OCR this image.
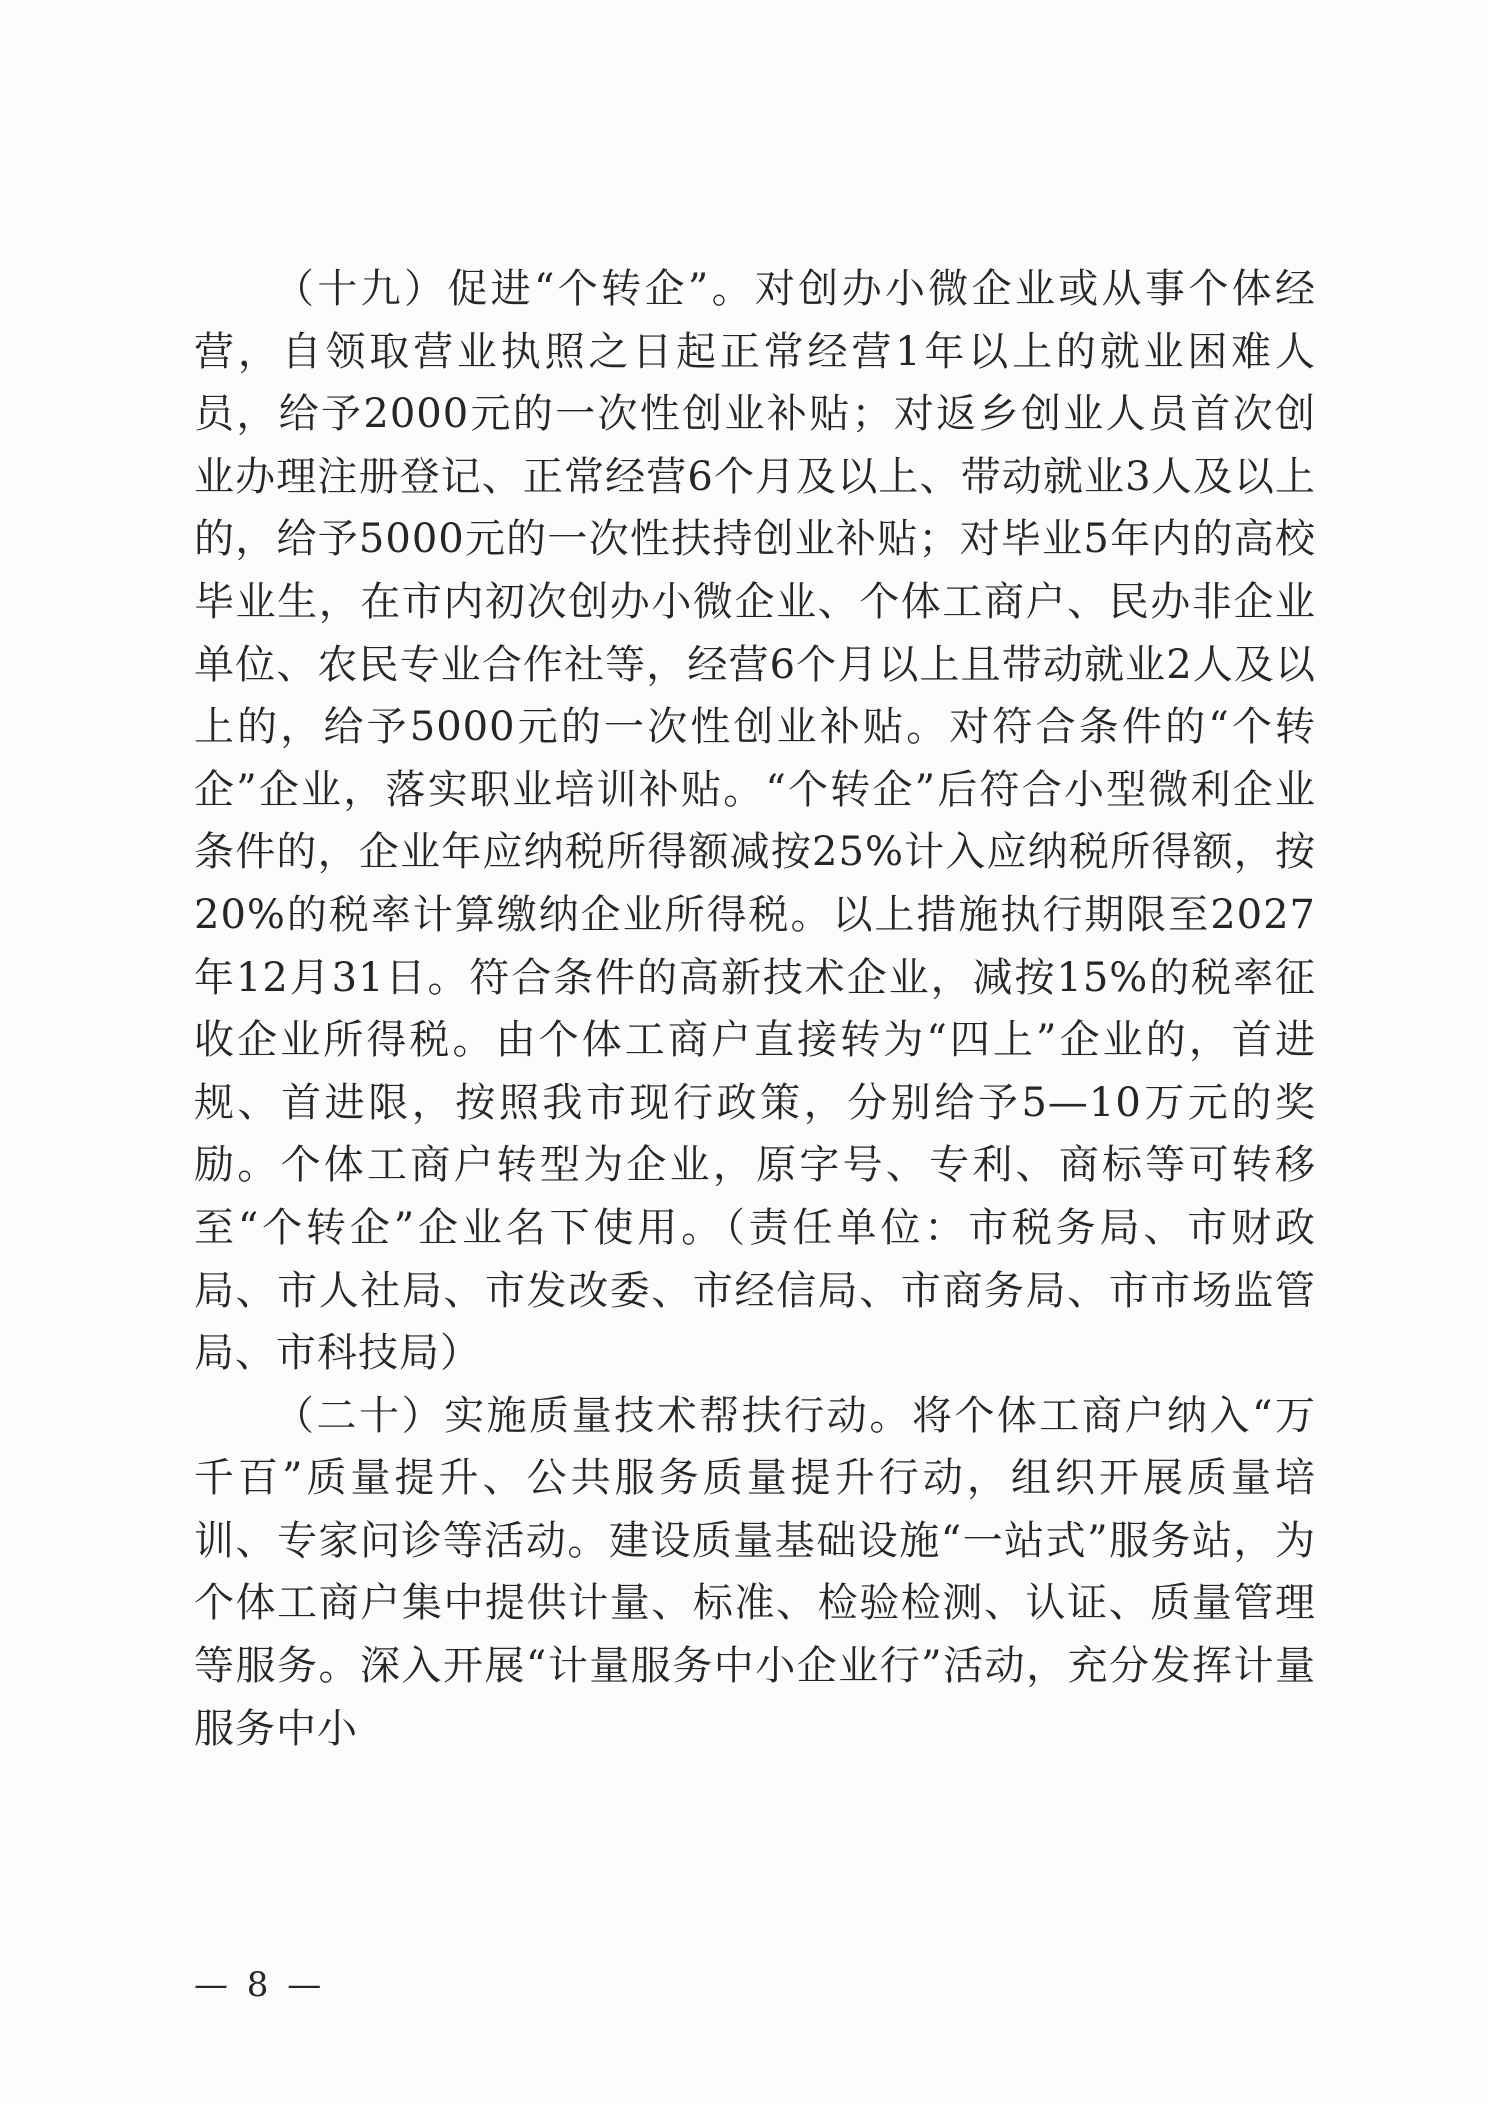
（十九）促进“个转企”。对创办小微企业或从事个体经营，自领取营业执照之日起正常经营1年以上的就业困难人员，给予2000元的一次性创业补贴；对返乡创业人员首次创业办理注册登记、正常经营6个月及以上、带动就业3人及以上的，给予5000元的一次性扶持创业补贴；对毕业5年内的高校毕业生，在市内初次创办小微企业、个体工商户、民办非企业单位、农民专业合作社等，经营6个月以上且带动就业2人及以上的，给予5000元的一次性创业补贴。对符合条件的“个转企”企业，落实职业培训补贴。“个转企”后符合小型微利企业条件的，企业年应纳税所得额减按25%计入应纳税所得额，按20%的税率计算缴纳企业所得税。以上措施执行期限至2027年12月31日。符合条件的高新技术企业，减按15%的税率征收企业所得税。由个体工商户直接转为“四上”企业的，首进规、首进限，按照我市现行政策，分别给予5—10万元的奖励。个体工商户转型为企业，原字号、专利、商标等可转移至“个转企”企业名下使用。（责任单位：市税务局、市财政局、市人社局、市发改委、市经信局、市商务局、市市场监管局、市科技局）

（二十）实施质量技术帮扶行动。将个体工商户纳入“万千百”质量提升、公共服务质量提升行动，组织开展质量培训、专家问诊等活动。建设质量基础设施“一站式”服务站，为个体工商户集中提供计量、标准、检验检测、认证、质量管理等服务。深入开展“计量服务中小企业行”活动，充分发挥计量服务中小

— 8 —
